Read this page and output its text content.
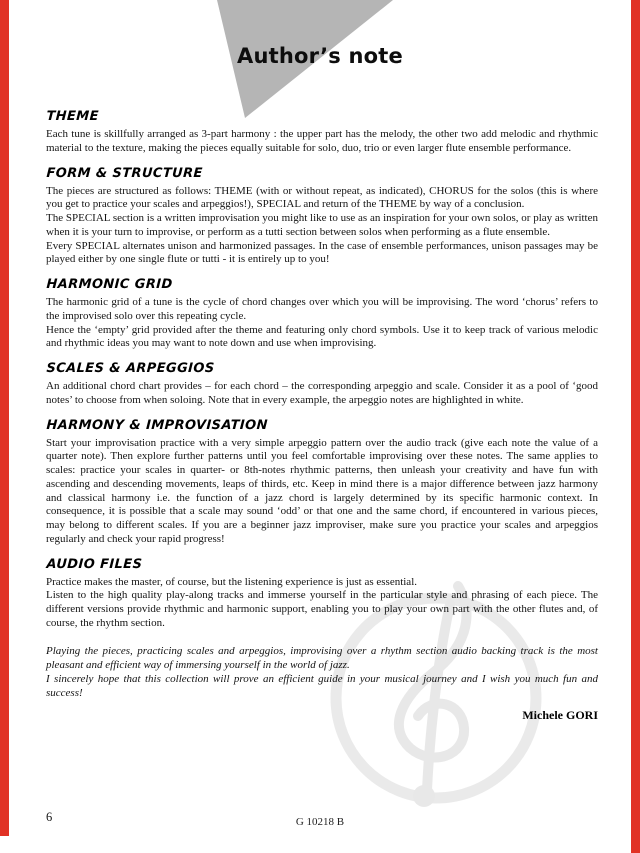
Author’s note
THEME

Each tune is skillfully arranged as 3-part harmony : the upper part has the melody, the other two add melodic and rhythmic material to the texture, making the pieces equally suitable for solo, duo, trio or even larger flute ensemble performance.

FORM & STRUCTURE

The pieces are structured as follows: THEME (with or without repeat, as indicated), CHORUS for the solos (this is where you get to practice your scales and arpeggios!), SPECIAL and return of the THEME by way of a conclusion.

The SPECIAL section is a written improvisation you might like to use as an inspiration for your own solos, or play as written when it is your turn to improvise, or perform as a tutti section between solos when performing as a flute ensemble.

Every SPECIAL alternates unison and harmonized passages. In the case of ensemble performances, unison passages may be played either by one single flute or tutti - it is entirely up to you!

HARMONIC GRID

The harmonic grid of a tune is the cycle of chord changes over which you will be improvising. The word ‘chorus’ refers to the improvised solo over this repeating cycle.

Hence the ‘empty’ grid provided after the theme and featuring only chord symbols. Use it to keep track of various melodic and rhythmic ideas you may want to note down and use when improvising.

SCALES & ARPEGGIOS

An additional chord chart provides – for each chord – the corresponding arpeggio and scale. Consider it as a pool of ‘good notes’ to choose from when soloing. Note that in every example, the arpeggio notes are highlighted in white.

HARMONY & IMPROVISATION

Start your improvisation practice with a very simple arpeggio pattern over the audio track (give each note the value of a quarter note). Then explore further patterns until you feel comfortable improvising over these notes. The same applies to scales: practice your scales in quarter- or 8th-notes rhythmic patterns, then unleash your creativity and have fun with ascending and descending movements, leaps of thirds, etc. Keep in mind there is a major difference between jazz harmony and classical harmony i.e. the function of a jazz chord is largely determined by its specific harmonic context. In consequence, it is possible that a scale may sound ‘odd’ or that one and the same chord, if encountered in various pieces, may belong to different scales. If you are a beginner jazz improviser, make sure you practice your scales and arpeggios regularly and check your rapid progress!

AUDIO FILES

Practice makes the master, of course, but the listening experience is just as essential.

Listen to the high quality play-along tracks and immerse yourself in the particular style and phrasing of each piece. The different versions provide rhythmic and harmonic support, enabling you to play your own part with the other flutes and, of course, the rhythm section.

Playing the pieces, practicing scales and arpeggios, improvising over a rhythm section audio backing track is the most pleasant and efficient way of immersing yourself in the world of jazz.

I sincerely hope that this collection will prove an efficient guide in your musical journey and I wish you much fun and success!

Michele GORI
6	G 10218 B
